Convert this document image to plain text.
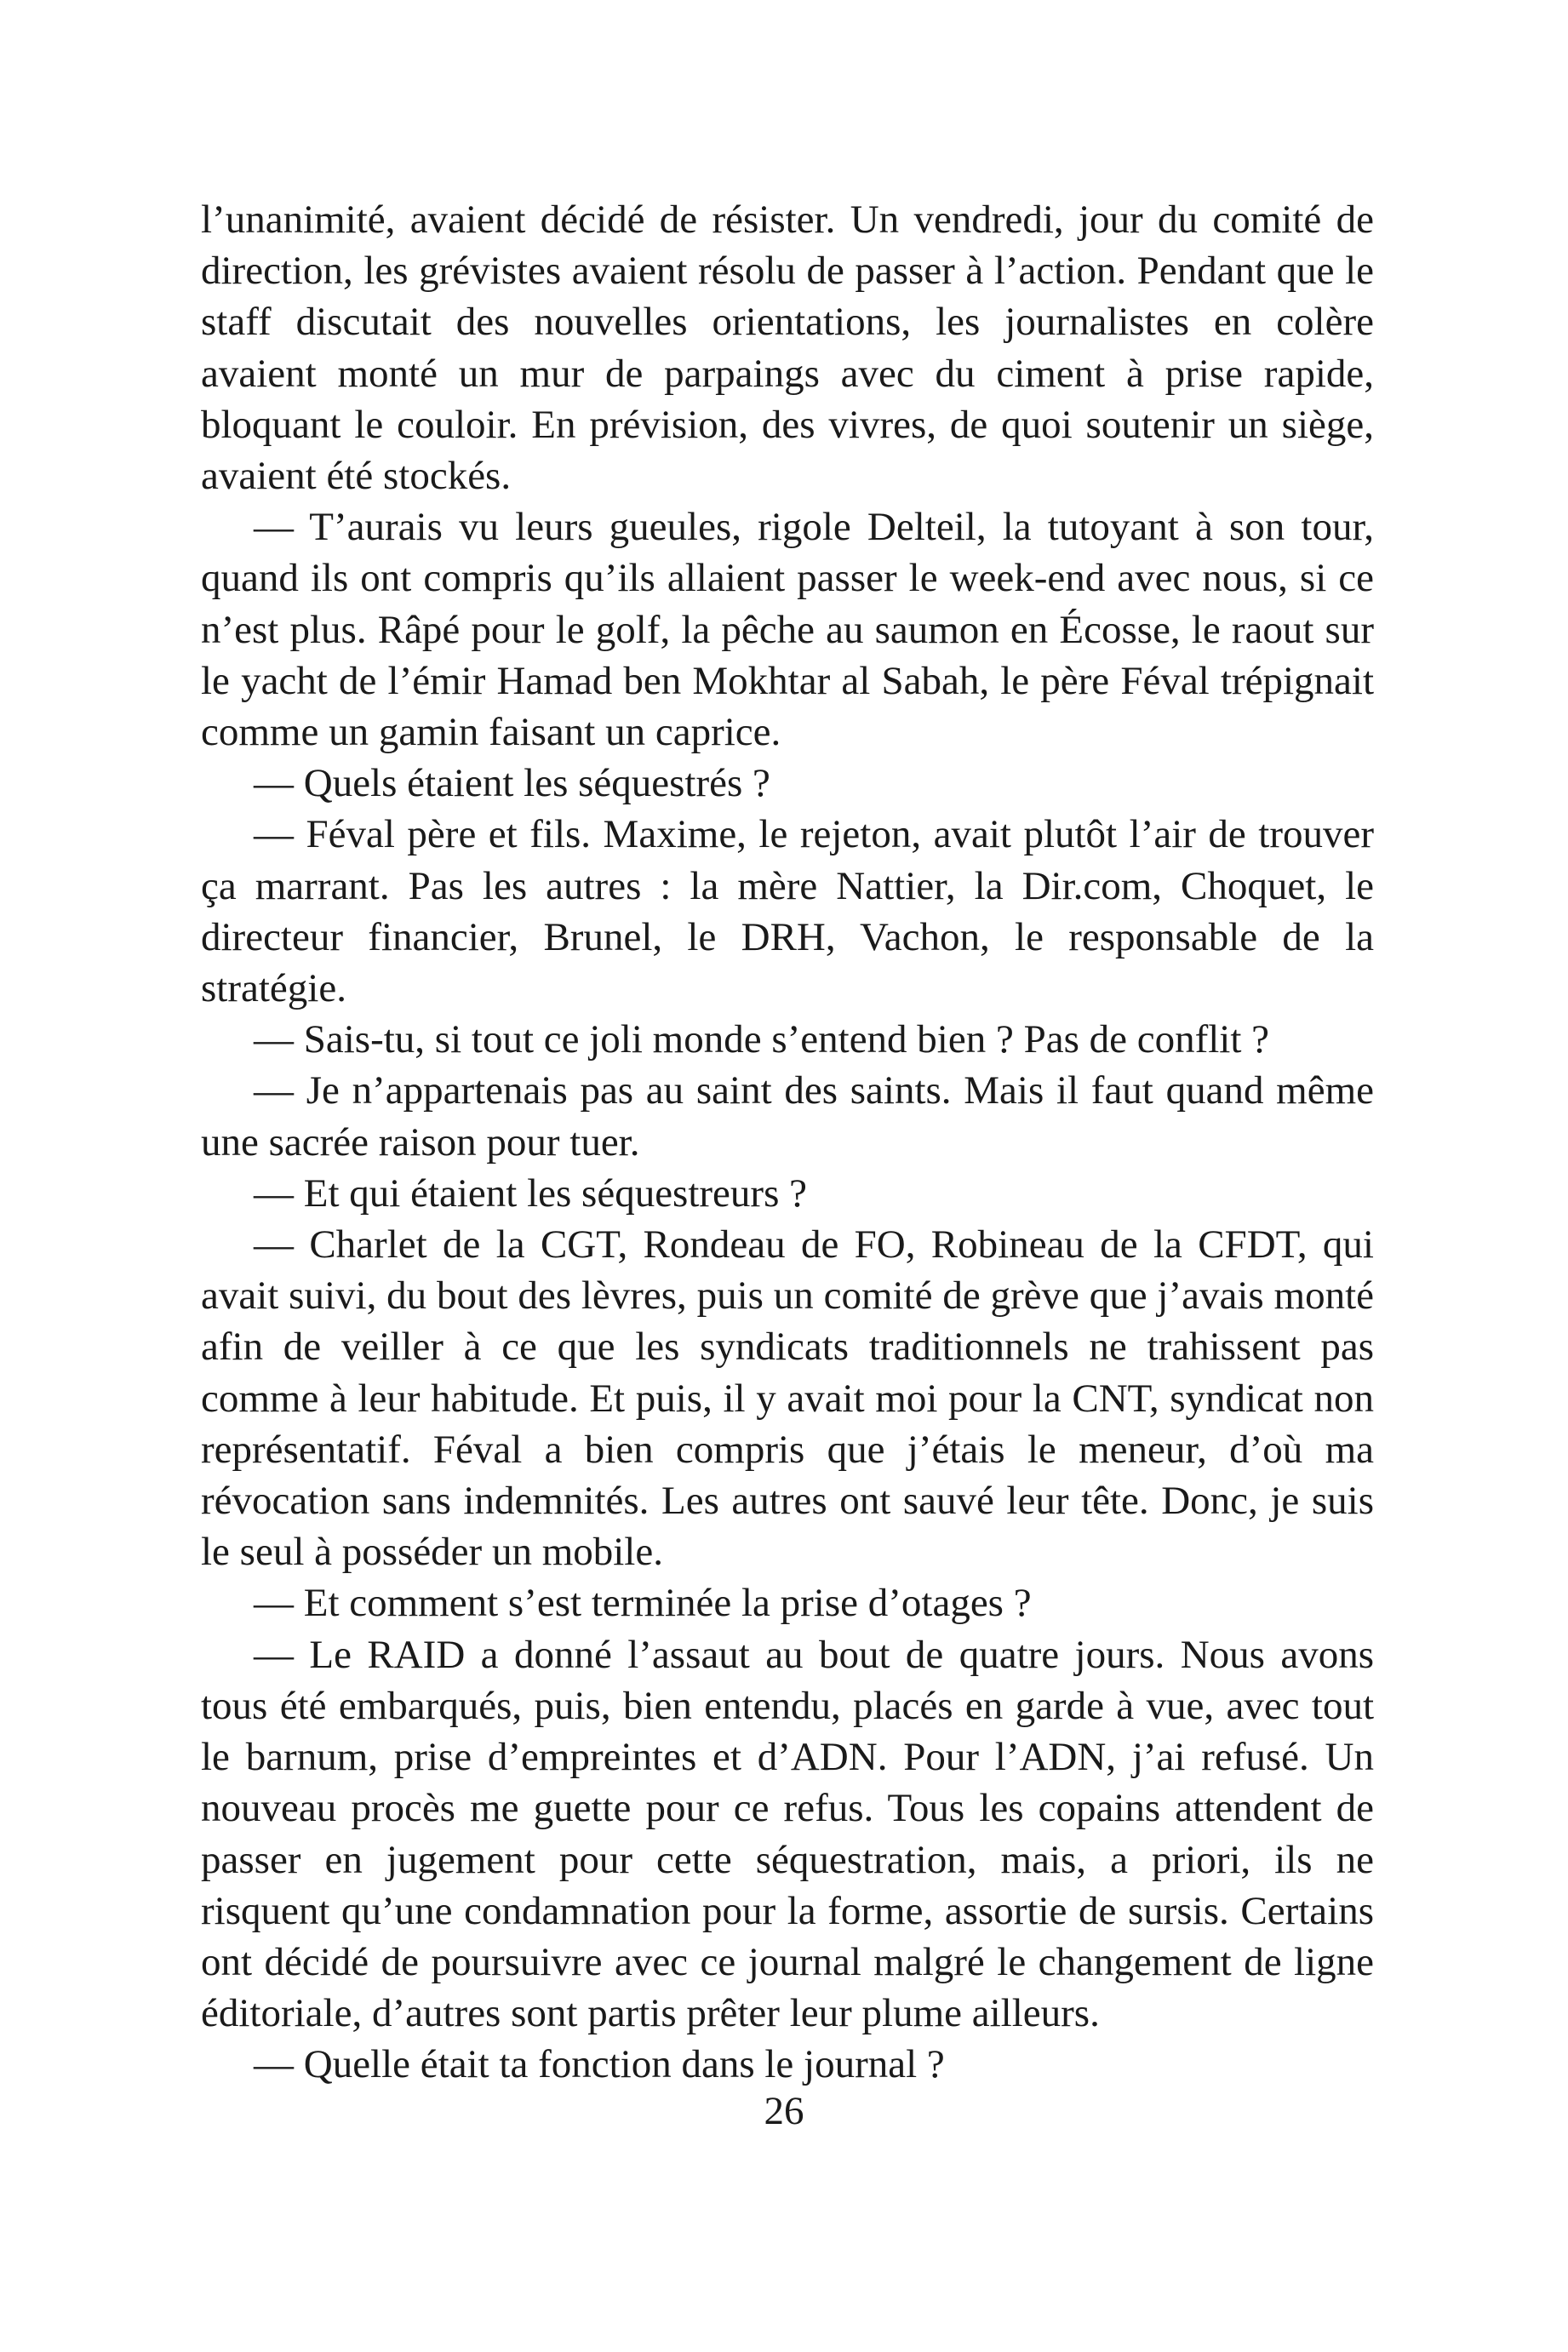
l’unanimité, avaient décidé de résister. Un vendredi, jour du comité de direction, les grévistes avaient résolu de passer à l’action. Pendant que le staff discutait des nouvelles orientations, les journalistes en colère avaient monté un mur de parpaings avec du ciment à prise rapide, bloquant le couloir. En prévision, des vivres, de quoi soutenir un siège, avaient été stockés.

— T’aurais vu leurs gueules, rigole Delteil, la tutoyant à son tour, quand ils ont compris qu’ils allaient passer le week-end avec nous, si ce n’est plus. Râpé pour le golf, la pêche au saumon en Écosse, le raout sur le yacht de l’émir Hamad ben Mokhtar al Sabah, le père Féval trépignait comme un gamin faisant un caprice.

— Quels étaient les séquestrés ?

— Féval père et fils. Maxime, le rejeton, avait plutôt l’air de trouver ça marrant. Pas les autres : la mère Nattier, la Dir.com, Choquet, le directeur financier, Brunel, le DRH, Vachon, le responsable de la stratégie.

— Sais-tu, si tout ce joli monde s’entend bien ? Pas de conflit ?

— Je n’appartenais pas au saint des saints. Mais il faut quand même une sacrée raison pour tuer.

— Et qui étaient les séquestreurs ?

— Charlet de la CGT, Rondeau de FO, Robineau de la CFDT, qui avait suivi, du bout des lèvres, puis un comité de grève que j’avais monté afin de veiller à ce que les syndicats traditionnels ne trahissent pas comme à leur habitude. Et puis, il y avait moi pour la CNT, syndicat non représentatif. Féval a bien compris que j’étais le meneur, d’où ma révocation sans indemnités. Les autres ont sauvé leur tête. Donc, je suis le seul à posséder un mobile.

— Et comment s’est terminée la prise d’otages ?

— Le RAID a donné l’assaut au bout de quatre jours. Nous avons tous été embarqués, puis, bien entendu, placés en garde à vue, avec tout le barnum, prise d’empreintes et d’ADN. Pour l’ADN, j’ai refusé. Un nouveau procès me guette pour ce refus. Tous les copains attendent de passer en jugement pour cette séquestration, mais, a priori, ils ne risquent qu’une condamnation pour la forme, assortie de sursis. Certains ont décidé de poursuivre avec ce journal malgré le changement de ligne éditoriale, d’autres sont partis prêter leur plume ailleurs.

— Quelle était ta fonction dans le journal ?

26
